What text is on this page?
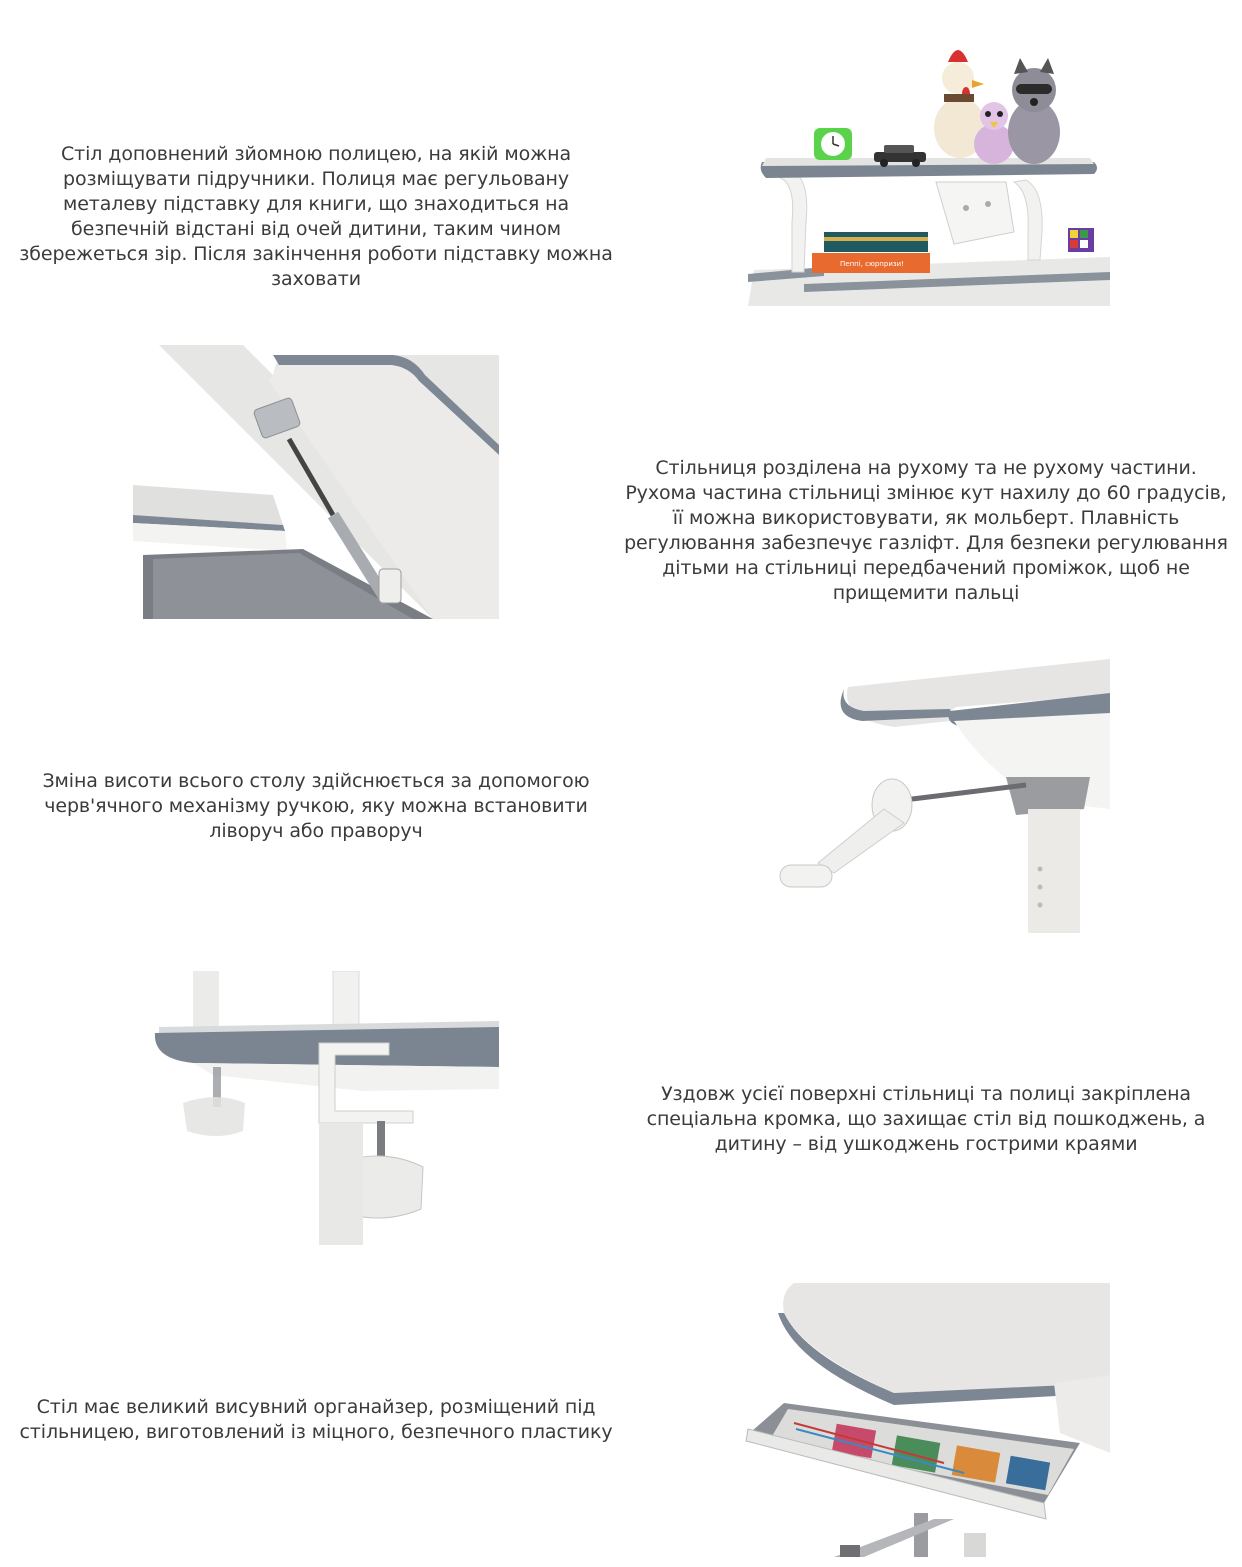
Стіл доповнений зйомною полицею, на якій можна розміщувати підручники. Полиця має регульовану металеву підставку для книги, що знаходиться на безпечній відстані від очей дитини, таким чином збережеться зір. Після закінчення роботи підставку можна заховати
Пеппі, сюрпризи!
Стільниця розділена на рухому та не рухому частини. Рухома частина стільниці змінює кут нахилу до 60 градусів, її можна використовувати, як мольберт. Плавність регулювання забезпечує газліфт. Для безпеки регулювання дітьми на стільниці передбачений проміжок, щоб не прищемити пальці
Зміна висоти всього столу здійснюється за допомогою черв'ячного механізму ручкою, яку можна встановити ліворуч або праворуч
Уздовж усієї поверхні стільниці та полиці закріплена спеціальна кромка, що захищає стіл від пошкоджень, а дитину – від ушкоджень гострими краями
Стіл має великий висувний органайзер, розміщений під стільницею, виготовлений із міцного, безпечного пластику
